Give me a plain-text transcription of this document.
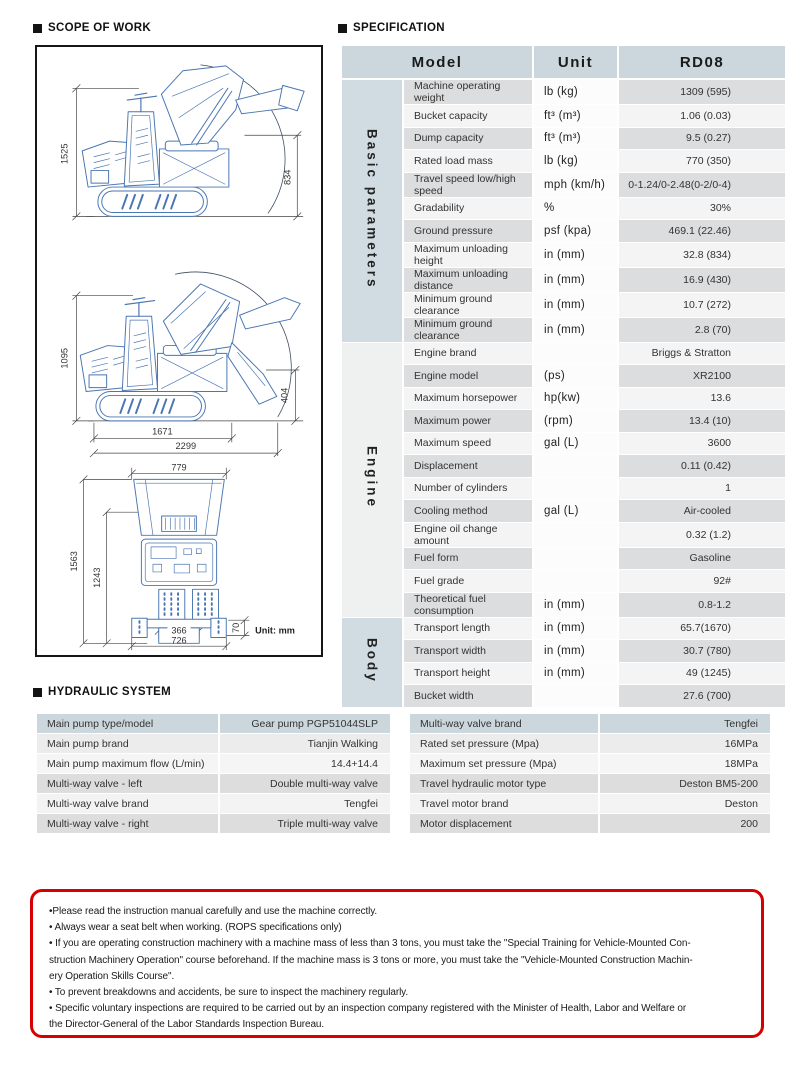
SCOPE OF WORK
1525
834
1095
404
1671
2299
779
1563
1243
70
366
726
Unit: mm
SPECIFICATION
Model		Unit	RD08
Basic parameters	Machine operating weight	lb (kg)	1309 (595)
	Bucket capacity	ft³ (m³)	1.06 (0.03)
	Dump capacity	ft³ (m³)	9.5 (0.27)
	Rated load mass	lb (kg)	770 (350)
	Travel speed low/high speed	mph (km/h)	0-1.24/0-2.48(0-2/0-4)
	Gradability	%	30%
	Ground pressure	psf (kpa)	469.1 (22.46)
	Maximum unloading height	in (mm)	32.8 (834)
	Maximum unloading distance	in (mm)	16.9 (430)
	Minimum ground clearance	in (mm)	10.7 (272)
	Minimum ground clearance	in (mm)	2.8 (70)
Engine	Engine brand		Briggs & Stratton
	Engine model	(ps)	XR2100
	Maximum horsepower	hp(kw)	13.6
	Maximum power	(rpm)	13.4 (10)
	Maximum speed	gal (L)	3600
	Displacement		0.11 (0.42)
	Number of cylinders		1
	Cooling method	gal (L)	Air-cooled
	Engine oil change amount		0.32 (1.2)
	Fuel form		Gasoline
	Fuel grade		92#
	Theoretical fuel consumption	in (mm)	0.8-1.2
Body	Transport length	in (mm)	65.7(1670)
	Transport width	in (mm)	30.7 (780)
	Transport height	in (mm)	49 (1245)
	Bucket width		27.6 (700)
HYDRAULIC SYSTEM
Main pump type/model	Gear pump PGP51044SLP
Main pump brand	Tianjin Walking
Main pump maximum flow (L/min)	14.4+14.4
Multi-way valve - left	Double multi-way valve
Multi-way valve brand	Tengfei
Multi-way valve - right	Triple multi-way valve
Multi-way valve brand	Tengfei
Rated set pressure (Mpa)	16MPa
Maximum set pressure (Mpa)	18MPa
Travel hydraulic motor type	Deston BM5-200
Travel motor brand	Deston
Motor displacement	200
•Please read the instruction manual carefully and use the machine correctly.
• Always wear a seat belt when working. (ROPS specifications only)
• If you are operating construction machinery with a machine mass of less than 3 tons, you must take the "Special Training for Vehicle-Mounted Con-
struction Machinery Operation" course beforehand. If the machine mass is 3 tons or more, you must take the "Vehicle-Mounted Construction Machin-
ery Operation Skills Course".
• To prevent breakdowns and accidents, be sure to inspect the machinery regularly.
• Specific voluntary inspections are required to be carried out by an inspection company registered with the Minister of Health, Labor and Welfare or
the Director-General of the Labor Standards Inspection Bureau.
